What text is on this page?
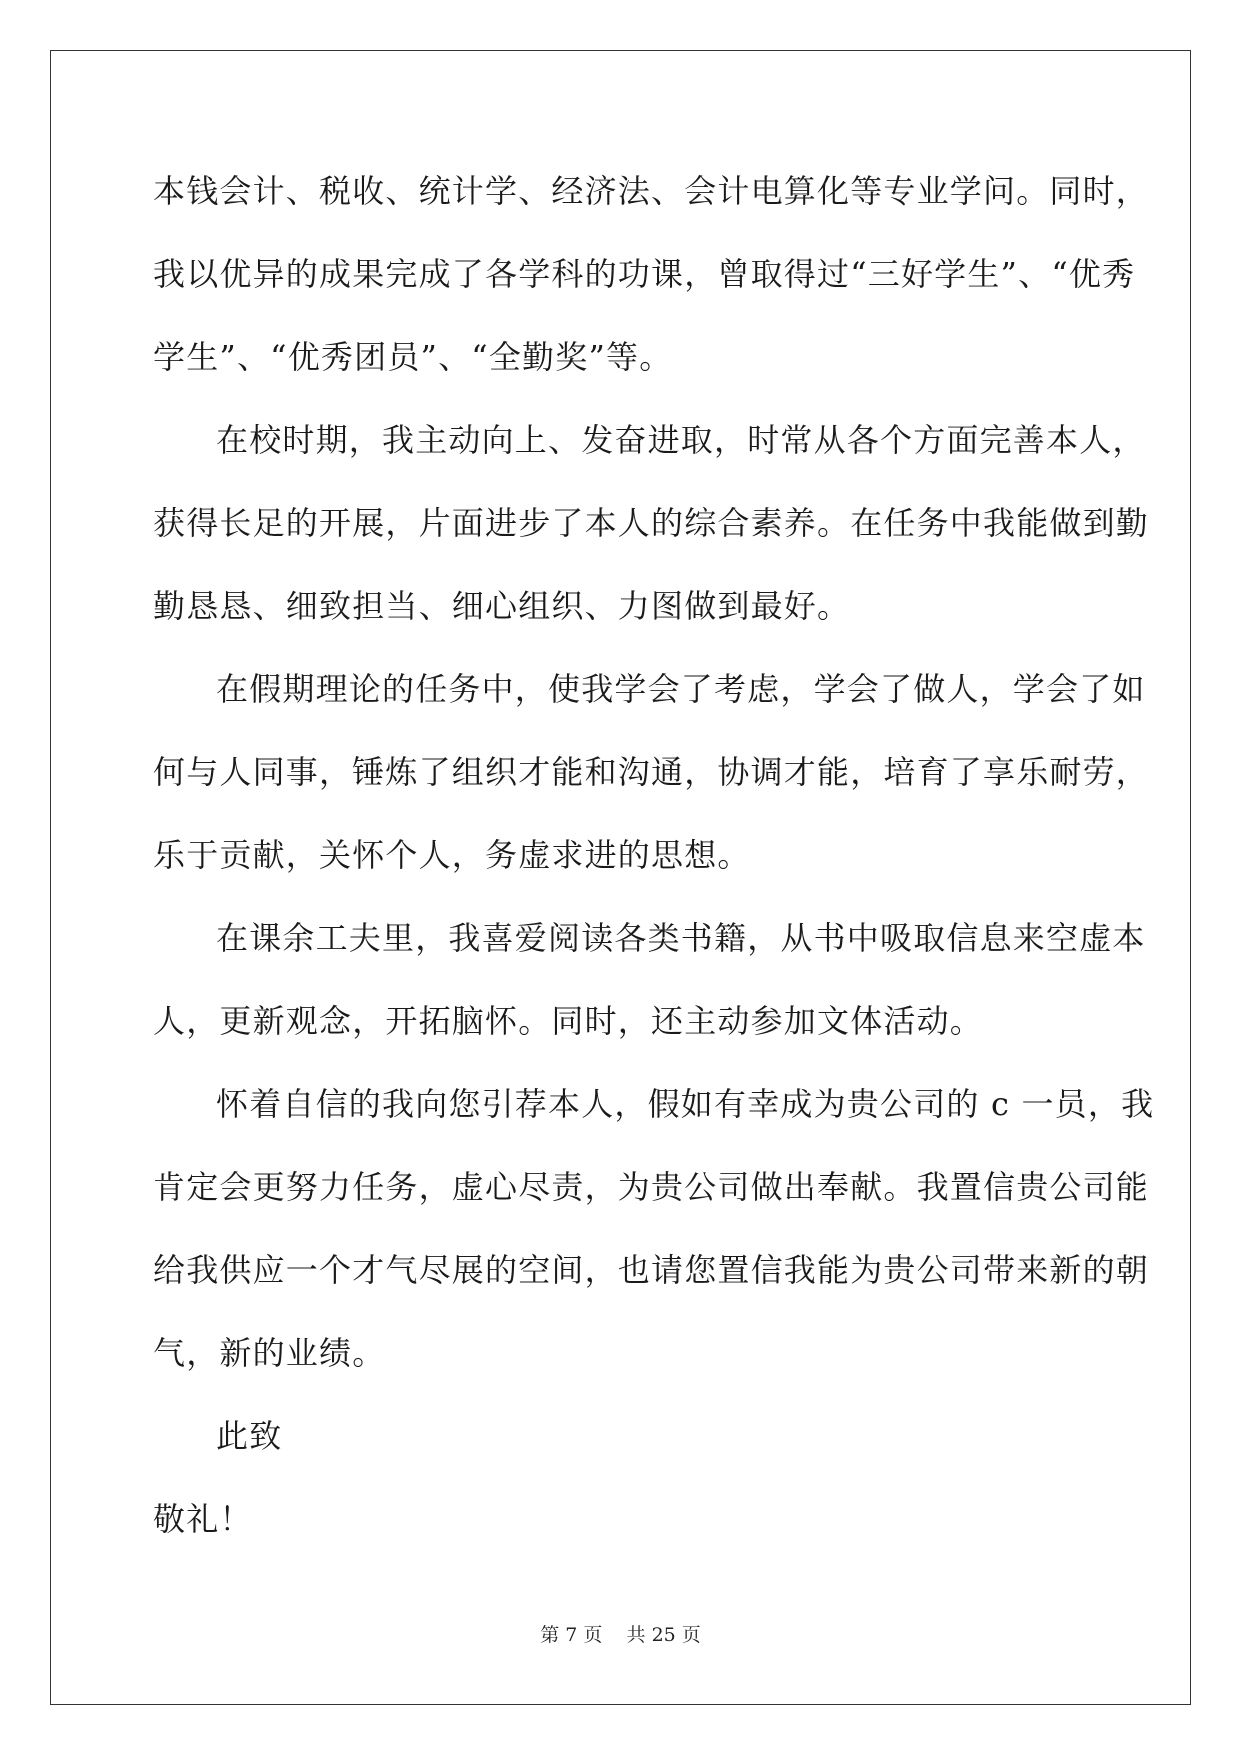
本钱会计、税收、统计学、经济法、会计电算化等专业学问。同时，
我以优异的成果完成了各学科的功课，曾取得过“三好学生”、“优秀
学生”、“优秀团员”、“全勤奖”等。
在校时期，我主动向上、发奋进取，时常从各个方面完善本人，
获得长足的开展，片面进步了本人的综合素养。在任务中我能做到勤
勤恳恳、细致担当、细心组织、力图做到最好。
在假期理论的任务中，使我学会了考虑，学会了做人，学会了如
何与人同事，锤炼了组织才能和沟通，协调才能，培育了享乐耐劳，
乐于贡献，关怀个人，务虚求进的思想。
在课余工夫里，我喜爱阅读各类书籍，从书中吸取信息来空虚本
人，更新观念，开拓脑怀。同时，还主动参加文体活动。
怀着自信的我向您引荐本人，假如有幸成为贵公司的 c 一员，我
肯定会更努力任务，虚心尽责，为贵公司做出奉献。我置信贵公司能
给我供应一个才气尽展的空间，也请您置信我能为贵公司带来新的朝
气，新的业绩。
此致
敬礼！
第 7 页 共 25 页
